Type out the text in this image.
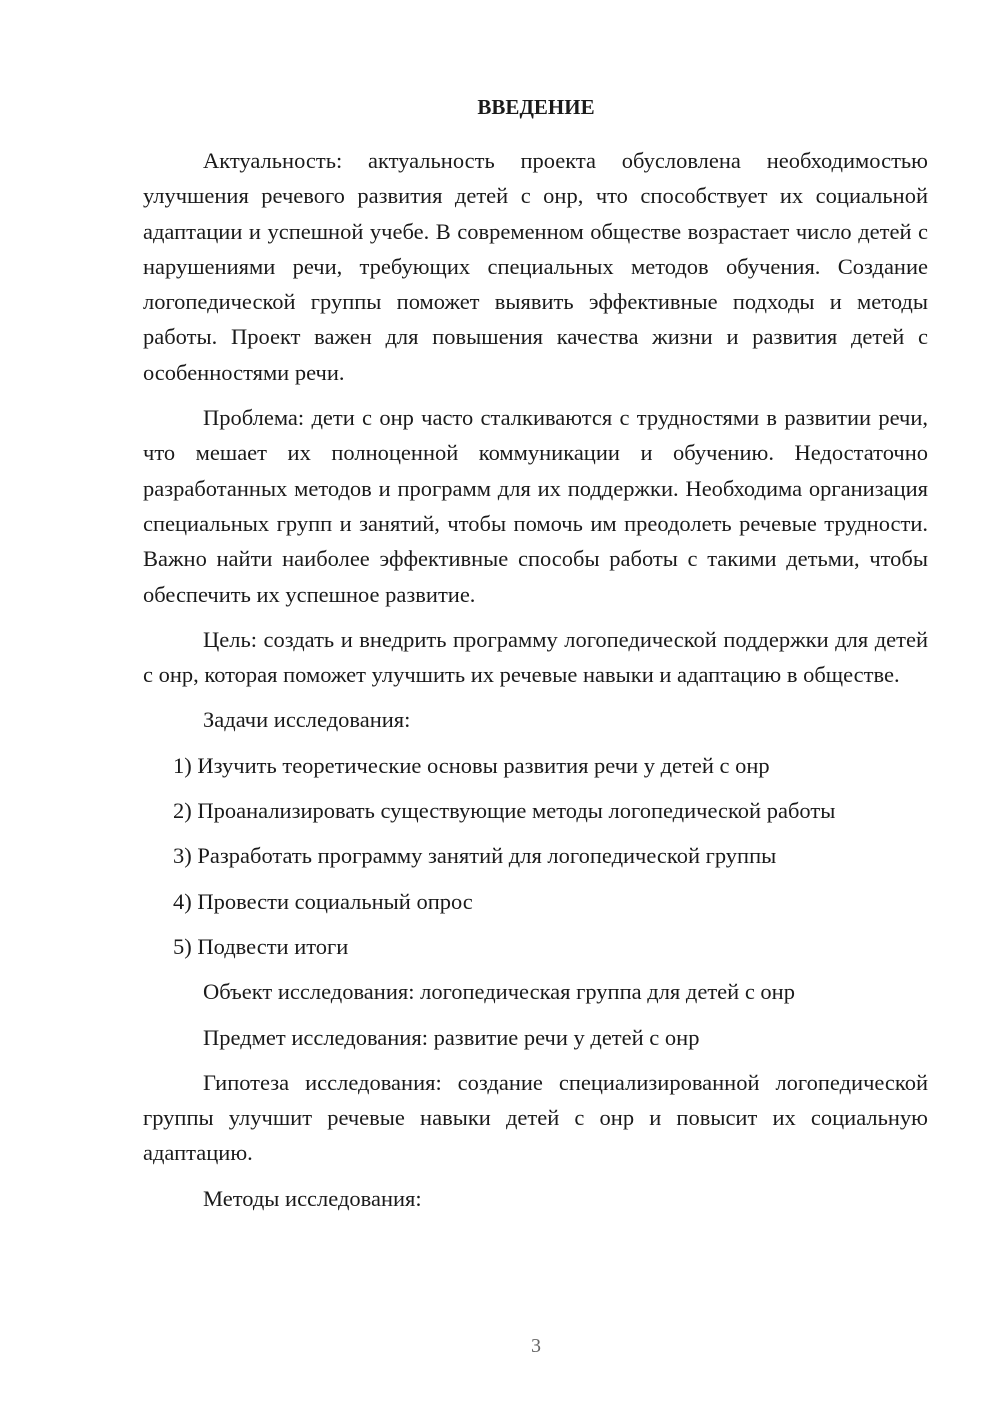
ВВЕДЕНИЕ

Актуальность: актуальность проекта обусловлена необходимостью улучшения речевого развития детей с онр, что способствует их социальной адаптации и успешной учебе. В современном обществе возрастает число детей с нарушениями речи, требующих специальных методов обучения. Создание логопедической группы поможет выявить эффективные подходы и методы работы. Проект важен для повышения качества жизни и развития детей с особенностями речи.

Проблема: дети с онр часто сталкиваются с трудностями в развитии речи, что мешает их полноценной коммуникации и обучению. Недостаточно разработанных методов и программ для их поддержки. Необходима организация специальных групп и занятий, чтобы помочь им преодолеть речевые трудности. Важно найти наиболее эффективные способы работы с такими детьми, чтобы обеспечить их успешное развитие.

Цель: создать и внедрить программу логопедической поддержки для детей с онр, которая поможет улучшить их речевые навыки и адаптацию в обществе.

Задачи исследования:

1) Изучить теоретические основы развития речи у детей с онр

2) Проанализировать существующие методы логопедической работы

3) Разработать программу занятий для логопедической группы

4) Провести социальный опрос

5) Подвести итоги

Объект исследования: логопедическая группа для детей с онр

Предмет исследования: развитие речи у детей с онр

Гипотеза исследования: создание специализированной логопедической группы улучшит речевые навыки детей с онр и повысит их социальную адаптацию.

Методы исследования:

3
